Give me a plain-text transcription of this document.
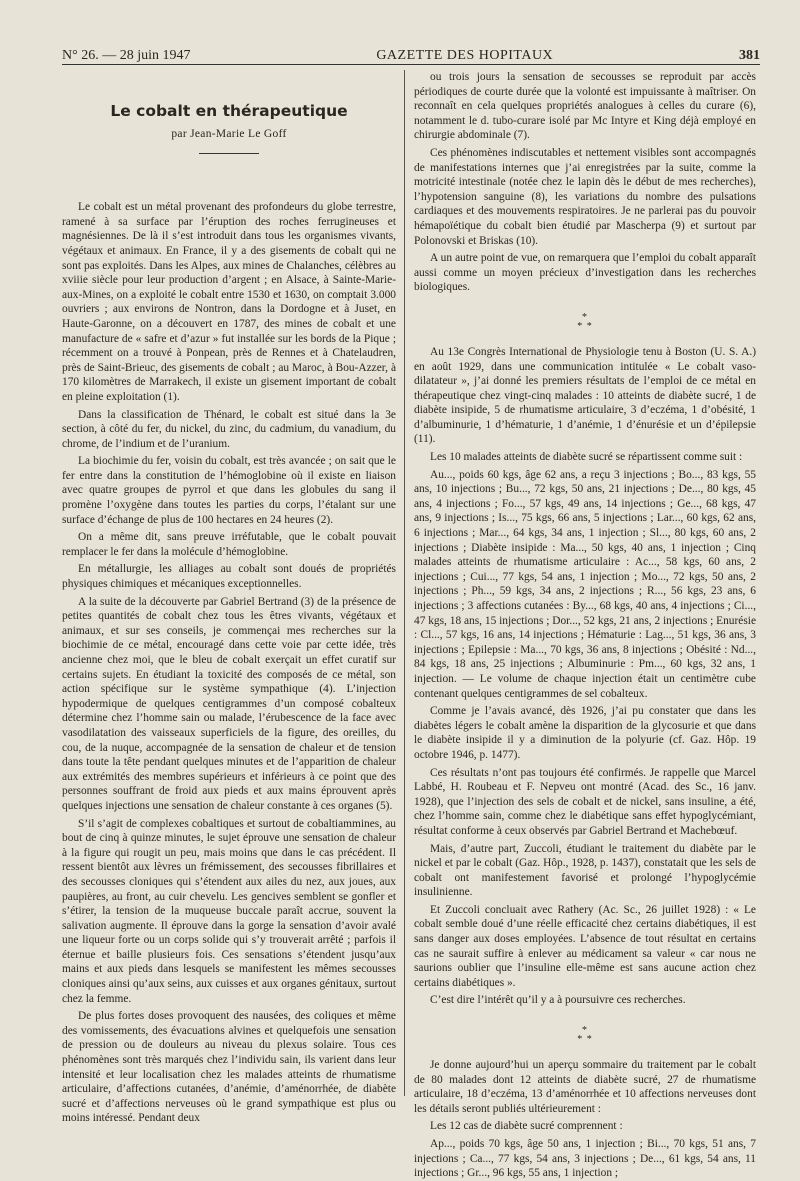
N° 26. — 28 juin 1947	GAZETTE DES HOPITAUX	381
Le cobalt en thérapeutique
par Jean-Marie Le Goff

Le cobalt est un métal provenant des profondeurs du globe terrestre, ramené à sa surface par l’éruption des roches ferrugineuses et magnésiennes. De là il s’est introduit dans tous les organismes vivants, végétaux et animaux. En France, il y a des gisements de cobalt qui ne sont pas exploités. Dans les Alpes, aux mines de Chalanches, célèbres au xviiie siècle pour leur production d’argent ; en Alsace, à Sainte-Marie-aux-Mines, on a exploité le cobalt entre 1530 et 1630, on comptait 3.000 ouvriers ; aux environs de Nontron, dans la Dordogne et à Juset, en Haute-Garonne, on a découvert en 1787, des mines de cobalt et une manufacture de « safre et d’azur » fut installée sur les bords de la Pique ; récemment on a trouvé à Ponpean, près de Rennes et à Chatelaudren, près de Saint-Brieuc, des gisements de cobalt ; au Maroc, à Bou-Azzer, à 170 kilomètres de Marrakech, il existe un gisement important de cobalt en pleine exploitation (1).

Dans la classification de Thénard, le cobalt est situé dans la 3e section, à côté du fer, du nickel, du zinc, du cadmium, du vanadium, du chrome, de l’indium et de l’uranium.

La biochimie du fer, voisin du cobalt, est très avancée ; on sait que le fer entre dans la constitution de l’hémoglobine où il existe en liaison avec quatre groupes de pyrrol et que dans les globules du sang il promène l’oxygène dans toutes les parties du corps, l’étalant sur une surface d’échange de plus de 100 hectares en 24 heures (2).

On a même dit, sans preuve irréfutable, que le cobalt pouvait remplacer le fer dans la molécule d’hémoglobine.

En métallurgie, les alliages au cobalt sont doués de propriétés physiques chimiques et mécaniques exceptionnelles.

A la suite de la découverte par Gabriel Bertrand (3) de la présence de petites quantités de cobalt chez tous les êtres vivants, végétaux et animaux, et sur ses conseils, je commençai mes recherches sur la biochimie de ce métal, encouragé dans cette voie par cette idée, très ancienne chez moi, que le bleu de cobalt exerçait un effet curatif sur certains sujets. En étudiant la toxicité des composés de ce métal, son action spécifique sur le système sympathique (4). L’injection hypodermique de quelques centigrammes d’un composé cobalteux détermine chez l’homme sain ou malade, l’érubescence de la face avec vasodilatation des vaisseaux superficiels de la figure, des oreilles, du cou, de la nuque, accompagnée de la sensation de chaleur et de tension dans toute la tête pendant quelques minutes et de l’apparition de chaleur aux extrémités des membres supérieurs et inférieurs à ce point que des personnes souffrant de froid aux pieds et aux mains éprouvent après quelques injections une sensation de chaleur constante à ces organes (5).

S’il s’agit de complexes cobaltiques et surtout de cobaltiammines, au bout de cinq à quinze minutes, le sujet éprouve une sensation de chaleur à la figure qui rougit un peu, mais moins que dans le cas précédent. Il ressent bientôt aux lèvres un frémissement, des secousses fibrillaires et des secousses cloniques qui s’étendent aux ailes du nez, aux joues, aux paupières, au front, au cuir chevelu. Les gencives semblent se gonfler et s’étirer, la tension de la muqueuse buccale paraît accrue, souvent la salivation augmente. Il éprouve dans la gorge la sensation d’avoir avalé une liqueur forte ou un corps solide qui s’y trouverait arrêté ; parfois il éternue et baille plusieurs fois. Ces sensations s’étendent jusqu’aux mains et aux pieds dans lesquels se manifestent les mêmes secousses cloniques ainsi qu’aux seins, aux cuisses et aux organes génitaux, surtout chez la femme.

De plus fortes doses provoquent des nausées, des coliques et même des vomissements, des évacuations alvines et quelquefois une sensation de pression ou de douleurs au niveau du plexus solaire. Tous ces phénomènes sont très marqués chez l’individu sain, ils varient dans leur intensité et leur localisation chez les malades atteints de rhumatisme articulaire, d’affections cutanées, d’anémie, d’aménorrhée, de diabète sucré et d’affections nerveuses où le grand sympathique est plus ou moins intéressé. Pendant deux

ou trois jours la sensation de secousses se reproduit par accès périodiques de courte durée que la volonté est impuissante à maîtriser. On reconnaît en cela quelques propriétés analogues à celles du curare (6), notamment le d. tubo-curare isolé par Mc Intyre et King déjà employé en chirurgie abdominale (7).

Ces phénomènes indiscutables et nettement visibles sont accompagnés de manifestations internes que j’ai enregistrées par la suite, comme la motricité intestinale (notée chez le lapin dès le début de mes recherches), l’hypotension sanguine (8), les variations du nombre des pulsations cardiaques et des mouvements respiratoires. Je ne parlerai pas du pouvoir hémapoïétique du cobalt bien étudié par Mascherpa (9) et surtout par Polonovski et Briskas (10).

A un autre point de vue, on remarquera que l’emploi du cobalt apparaît aussi comme un moyen précieux d’investigation dans les recherches biologiques.

*
* *

Au 13e Congrès International de Physiologie tenu à Boston (U. S. A.) en août 1929, dans une communication intitulée « Le cobalt vaso-dilatateur », j’ai donné les premiers résultats de l’emploi de ce métal en thérapeutique chez vingt-cinq malades : 10 atteints de diabète sucré, 1 de diabète insipide, 5 de rhumatisme articulaire, 3 d’eczéma, 1 d’obésité, 1 d’albuminurie, 1 d’hématurie, 1 d’anémie, 1 d’énurésie et un d’épilepsie (11).

Les 10 malades atteints de diabète sucré se répartissent comme suit :

Au..., poids 60 kgs, âge 62 ans, a reçu 3 injections ; Bo..., 83 kgs, 55 ans, 10 injections ; Bu..., 72 kgs, 50 ans, 21 injections ; De..., 80 kgs, 45 ans, 4 injections ; Fo..., 57 kgs, 49 ans, 14 injections ; Ge..., 68 kgs, 47 ans, 9 injections ; Is..., 75 kgs, 66 ans, 5 injections ; Lar..., 60 kgs, 62 ans, 6 injections ; Mar..., 64 kgs, 34 ans, 1 injection ; Sl..., 80 kgs, 60 ans, 2 injections ; Diabète insipide : Ma..., 50 kgs, 40 ans, 1 injection ; Cinq malades atteints de rhumatisme articulaire : Ac..., 58 kgs, 60 ans, 2 injections ; Cui..., 77 kgs, 54 ans, 1 injection ; Mo..., 72 kgs, 50 ans, 2 injections ; Ph..., 59 kgs, 34 ans, 2 injections ; R..., 56 kgs, 23 ans, 6 injections ; 3 affections cutanées : By..., 68 kgs, 40 ans, 4 injections ; Ci..., 47 kgs, 18 ans, 15 injections ; Dor..., 52 kgs, 21 ans, 2 injections ; Enurésie : Cl..., 57 kgs, 16 ans, 14 injections ; Hématurie : Lag..., 51 kgs, 36 ans, 3 injections ; Epilepsie : Ma..., 70 kgs, 36 ans, 8 injections ; Obésité : Nd..., 84 kgs, 18 ans, 25 injections ; Albuminurie : Pm..., 60 kgs, 32 ans, 1 injection. — Le volume de chaque injection était un centimètre cube contenant quelques centigrammes de sel cobalteux.

Comme je l’avais avancé, dès 1926, j’ai pu constater que dans les diabètes légers le cobalt amène la disparition de la glycosurie et que dans le diabète insipide il y a diminution de la polyurie (cf. Gaz. Hôp. 19 octobre 1946, p. 1477).

Ces résultats n’ont pas toujours été confirmés. Je rappelle que Marcel Labbé, H. Roubeau et F. Nepveu ont montré (Acad. des Sc., 16 janv. 1928), que l’injection des sels de cobalt et de nickel, sans insuline, a été, chez l’homme sain, comme chez le diabétique sans effet hypoglycémiant, résultat conforme à ceux observés par Gabriel Bertrand et Machebœuf.

Mais, d’autre part, Zuccoli, étudiant le traitement du diabète par le nickel et par le cobalt (Gaz. Hôp., 1928, p. 1437), constatait que les sels de cobalt ont manifestement favorisé et prolongé l’hypoglycémie insulinienne.

Et Zuccoli concluait avec Rathery (Ac. Sc., 26 juillet 1928) : « Le cobalt semble doué d’une réelle efficacité chez certains diabétiques, il est sans danger aux doses employées. L’absence de tout résultat en certains cas ne saurait suffire à enlever au médicament sa valeur « car nous ne saurions oublier que l’insuline elle-même est sans aucune action chez certains diabétiques ».

C’est dire l’intérêt qu’il y a à poursuivre ces recherches.

*
* *

Je donne aujourd’hui un aperçu sommaire du traitement par le cobalt de 80 malades dont 12 atteints de diabète sucré, 27 de rhumatisme articulaire, 18 d’eczéma, 13 d’aménorrhée et 10 affections nerveuses dont les détails seront publiés ultérieurement :

Les 12 cas de diabète sucré comprennent :

Ap..., poids 70 kgs, âge 50 ans, 1 injection ; Bi..., 70 kgs, 51 ans, 7 injections ; Ca..., 77 kgs, 54 ans, 3 injections ; De..., 61 kgs, 54 ans, 11 injections ; Gr..., 96 kgs, 55 ans, 1 injection ;
